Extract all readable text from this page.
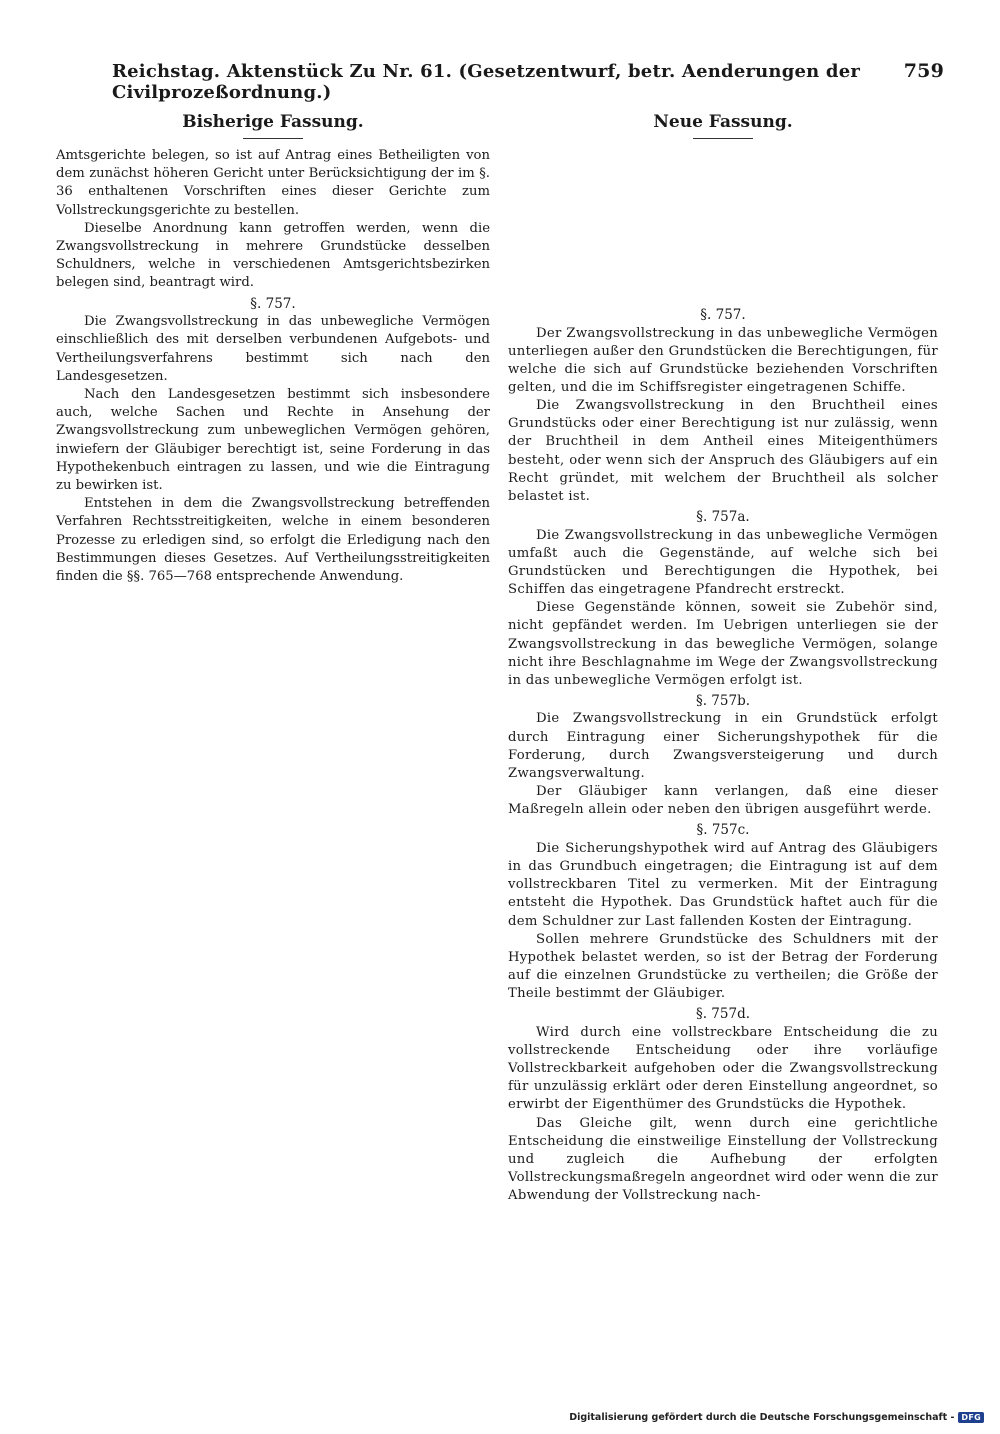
Reichstag. Aktenstück Zu Nr. 61. (Gesetzentwurf, betr. Aenderungen der Civilprozeßordnung.)
759
Bisherige Fassung.

Amtsgerichte belegen, so ist auf Antrag eines Betheiligten von dem zunächst höheren Gericht unter Berücksichtigung der im §. 36 enthaltenen Vorschriften eines dieser Gerichte zum Vollstreckungsgerichte zu bestellen.

Dieselbe Anordnung kann getroffen werden, wenn die Zwangsvollstreckung in mehrere Grundstücke desselben Schuldners, welche in verschiedenen Amtsgerichtsbezirken belegen sind, beantragt wird.

§. 757.

Die Zwangsvollstreckung in das unbewegliche Vermögen einschließlich des mit derselben verbundenen Aufgebots- und Vertheilungsverfahrens bestimmt sich nach den Landesgesetzen.

Nach den Landesgesetzen bestimmt sich insbesondere auch, welche Sachen und Rechte in Ansehung der Zwangsvollstreckung zum unbeweglichen Vermögen gehören, inwiefern der Gläubiger berechtigt ist, seine Forderung in das Hypothekenbuch eintragen zu lassen, und wie die Eintragung zu bewirken ist.

Entstehen in dem die Zwangsvollstreckung betreffenden Verfahren Rechtsstreitigkeiten, welche in einem besonderen Prozesse zu erledigen sind, so erfolgt die Erledigung nach den Bestimmungen dieses Gesetzes. Auf Vertheilungsstreitigkeiten finden die §§. 765—768 entsprechende Anwendung.

Neue Fassung.
§. 757.

Der Zwangsvollstreckung in das unbewegliche Vermögen unterliegen außer den Grundstücken die Berechtigungen, für welche die sich auf Grundstücke beziehenden Vorschriften gelten, und die im Schiffsregister eingetragenen Schiffe.

Die Zwangsvollstreckung in den Bruchtheil eines Grundstücks oder einer Berechtigung ist nur zulässig, wenn der Bruchtheil in dem Antheil eines Miteigenthümers besteht, oder wenn sich der Anspruch des Gläubigers auf ein Recht gründet, mit welchem der Bruchtheil als solcher belastet ist.

§. 757a.

Die Zwangsvollstreckung in das unbewegliche Vermögen umfaßt auch die Gegenstände, auf welche sich bei Grundstücken und Berechtigungen die Hypothek, bei Schiffen das eingetragene Pfandrecht erstreckt.

Diese Gegenstände können, soweit sie Zubehör sind, nicht gepfändet werden. Im Uebrigen unterliegen sie der Zwangsvollstreckung in das bewegliche Vermögen, solange nicht ihre Beschlagnahme im Wege der Zwangsvollstreckung in das unbewegliche Vermögen erfolgt ist.

§. 757b.

Die Zwangsvollstreckung in ein Grundstück erfolgt durch Eintragung einer Sicherungshypothek für die Forderung, durch Zwangsversteigerung und durch Zwangsverwaltung.

Der Gläubiger kann verlangen, daß eine dieser Maßregeln allein oder neben den übrigen ausgeführt werde.

§. 757c.

Die Sicherungshypothek wird auf Antrag des Gläubigers in das Grundbuch eingetragen; die Eintragung ist auf dem vollstreckbaren Titel zu vermerken. Mit der Eintragung entsteht die Hypothek. Das Grundstück haftet auch für die dem Schuldner zur Last fallenden Kosten der Eintragung.

Sollen mehrere Grundstücke des Schuldners mit der Hypothek belastet werden, so ist der Betrag der Forderung auf die einzelnen Grundstücke zu vertheilen; die Größe der Theile bestimmt der Gläubiger.

§. 757d.

Wird durch eine vollstreckbare Entscheidung die zu vollstreckende Entscheidung oder ihre vorläufige Vollstreckbarkeit aufgehoben oder die Zwangsvollstreckung für unzulässig erklärt oder deren Einstellung angeordnet, so erwirbt der Eigenthümer des Grundstücks die Hypothek.

Das Gleiche gilt, wenn durch eine gerichtliche Entscheidung die einstweilige Einstellung der Vollstreckung und zugleich die Aufhebung der erfolgten Vollstreckungsmaßregeln angeordnet wird oder wenn die zur Abwendung der Vollstreckung nach-

Digitalisierung gefördert durch die Deutsche Forschungsgemeinschaft - DFG
